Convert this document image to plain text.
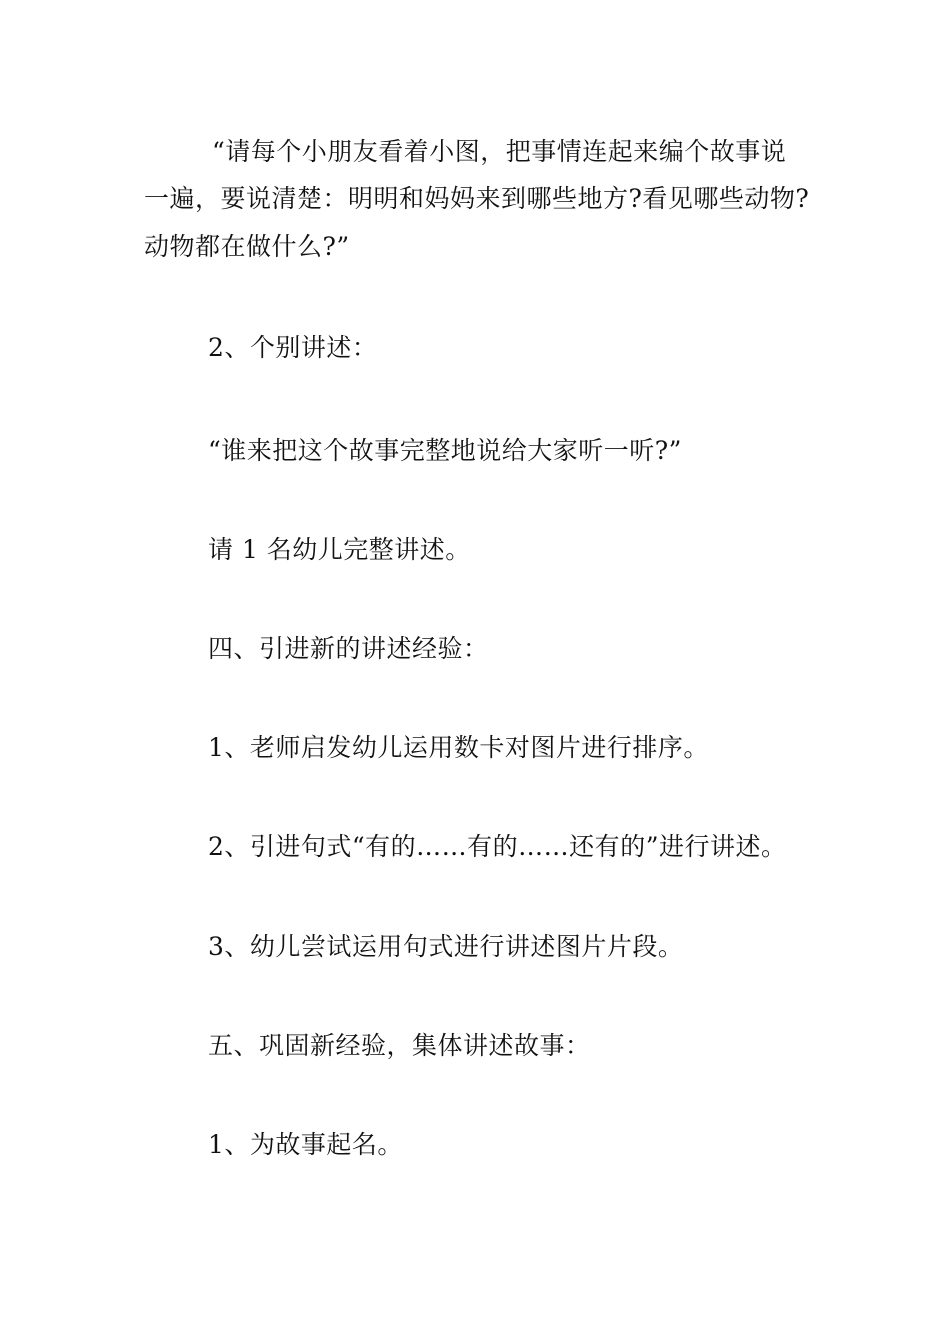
“请每个小朋友看着小图，把事情连起来编个故事说
一遍，要说清楚：明明和妈妈来到哪些地方?看见哪些动物?
动物都在做什么?”
2、个别讲述：
“谁来把这个故事完整地说给大家听一听?”
请 1 名幼儿完整讲述。
四、引进新的讲述经验：
1、老师启发幼儿运用数卡对图片进行排序。
2、引进句式“有的……有的……还有的”进行讲述。
3、幼儿尝试运用句式进行讲述图片片段。
五、巩固新经验，集体讲述故事：
1、为故事起名。
